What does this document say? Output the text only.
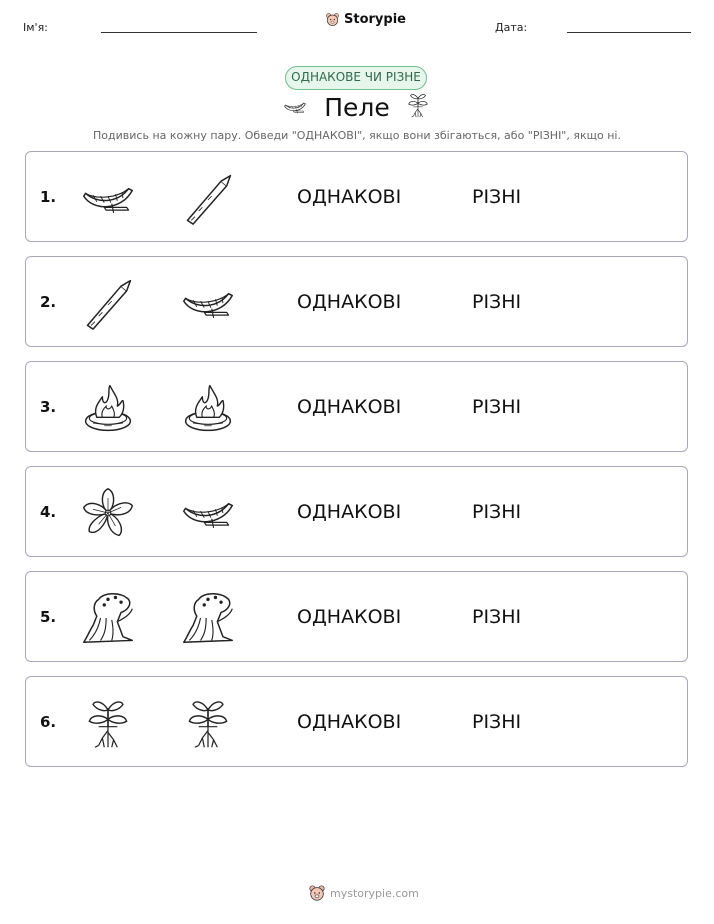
Ім'я:
Storypie
Дата:
ОДНАКОВЕ ЧИ РІЗНЕ
Пеле
Подивись на кожну пару. Обведи "ОДНАКОВІ", якщо вони збігаються, або "РІЗНІ", якщо ні.
1.	ОДНАКОВІ	РІЗНІ
2.	ОДНАКОВІ	РІЗНІ
3.	ОДНАКОВІ	РІЗНІ
4.	ОДНАКОВІ	РІЗНІ
5.	ОДНАКОВІ	РІЗНІ
6.	ОДНАКОВІ	РІЗНІ
mystorypie.com
